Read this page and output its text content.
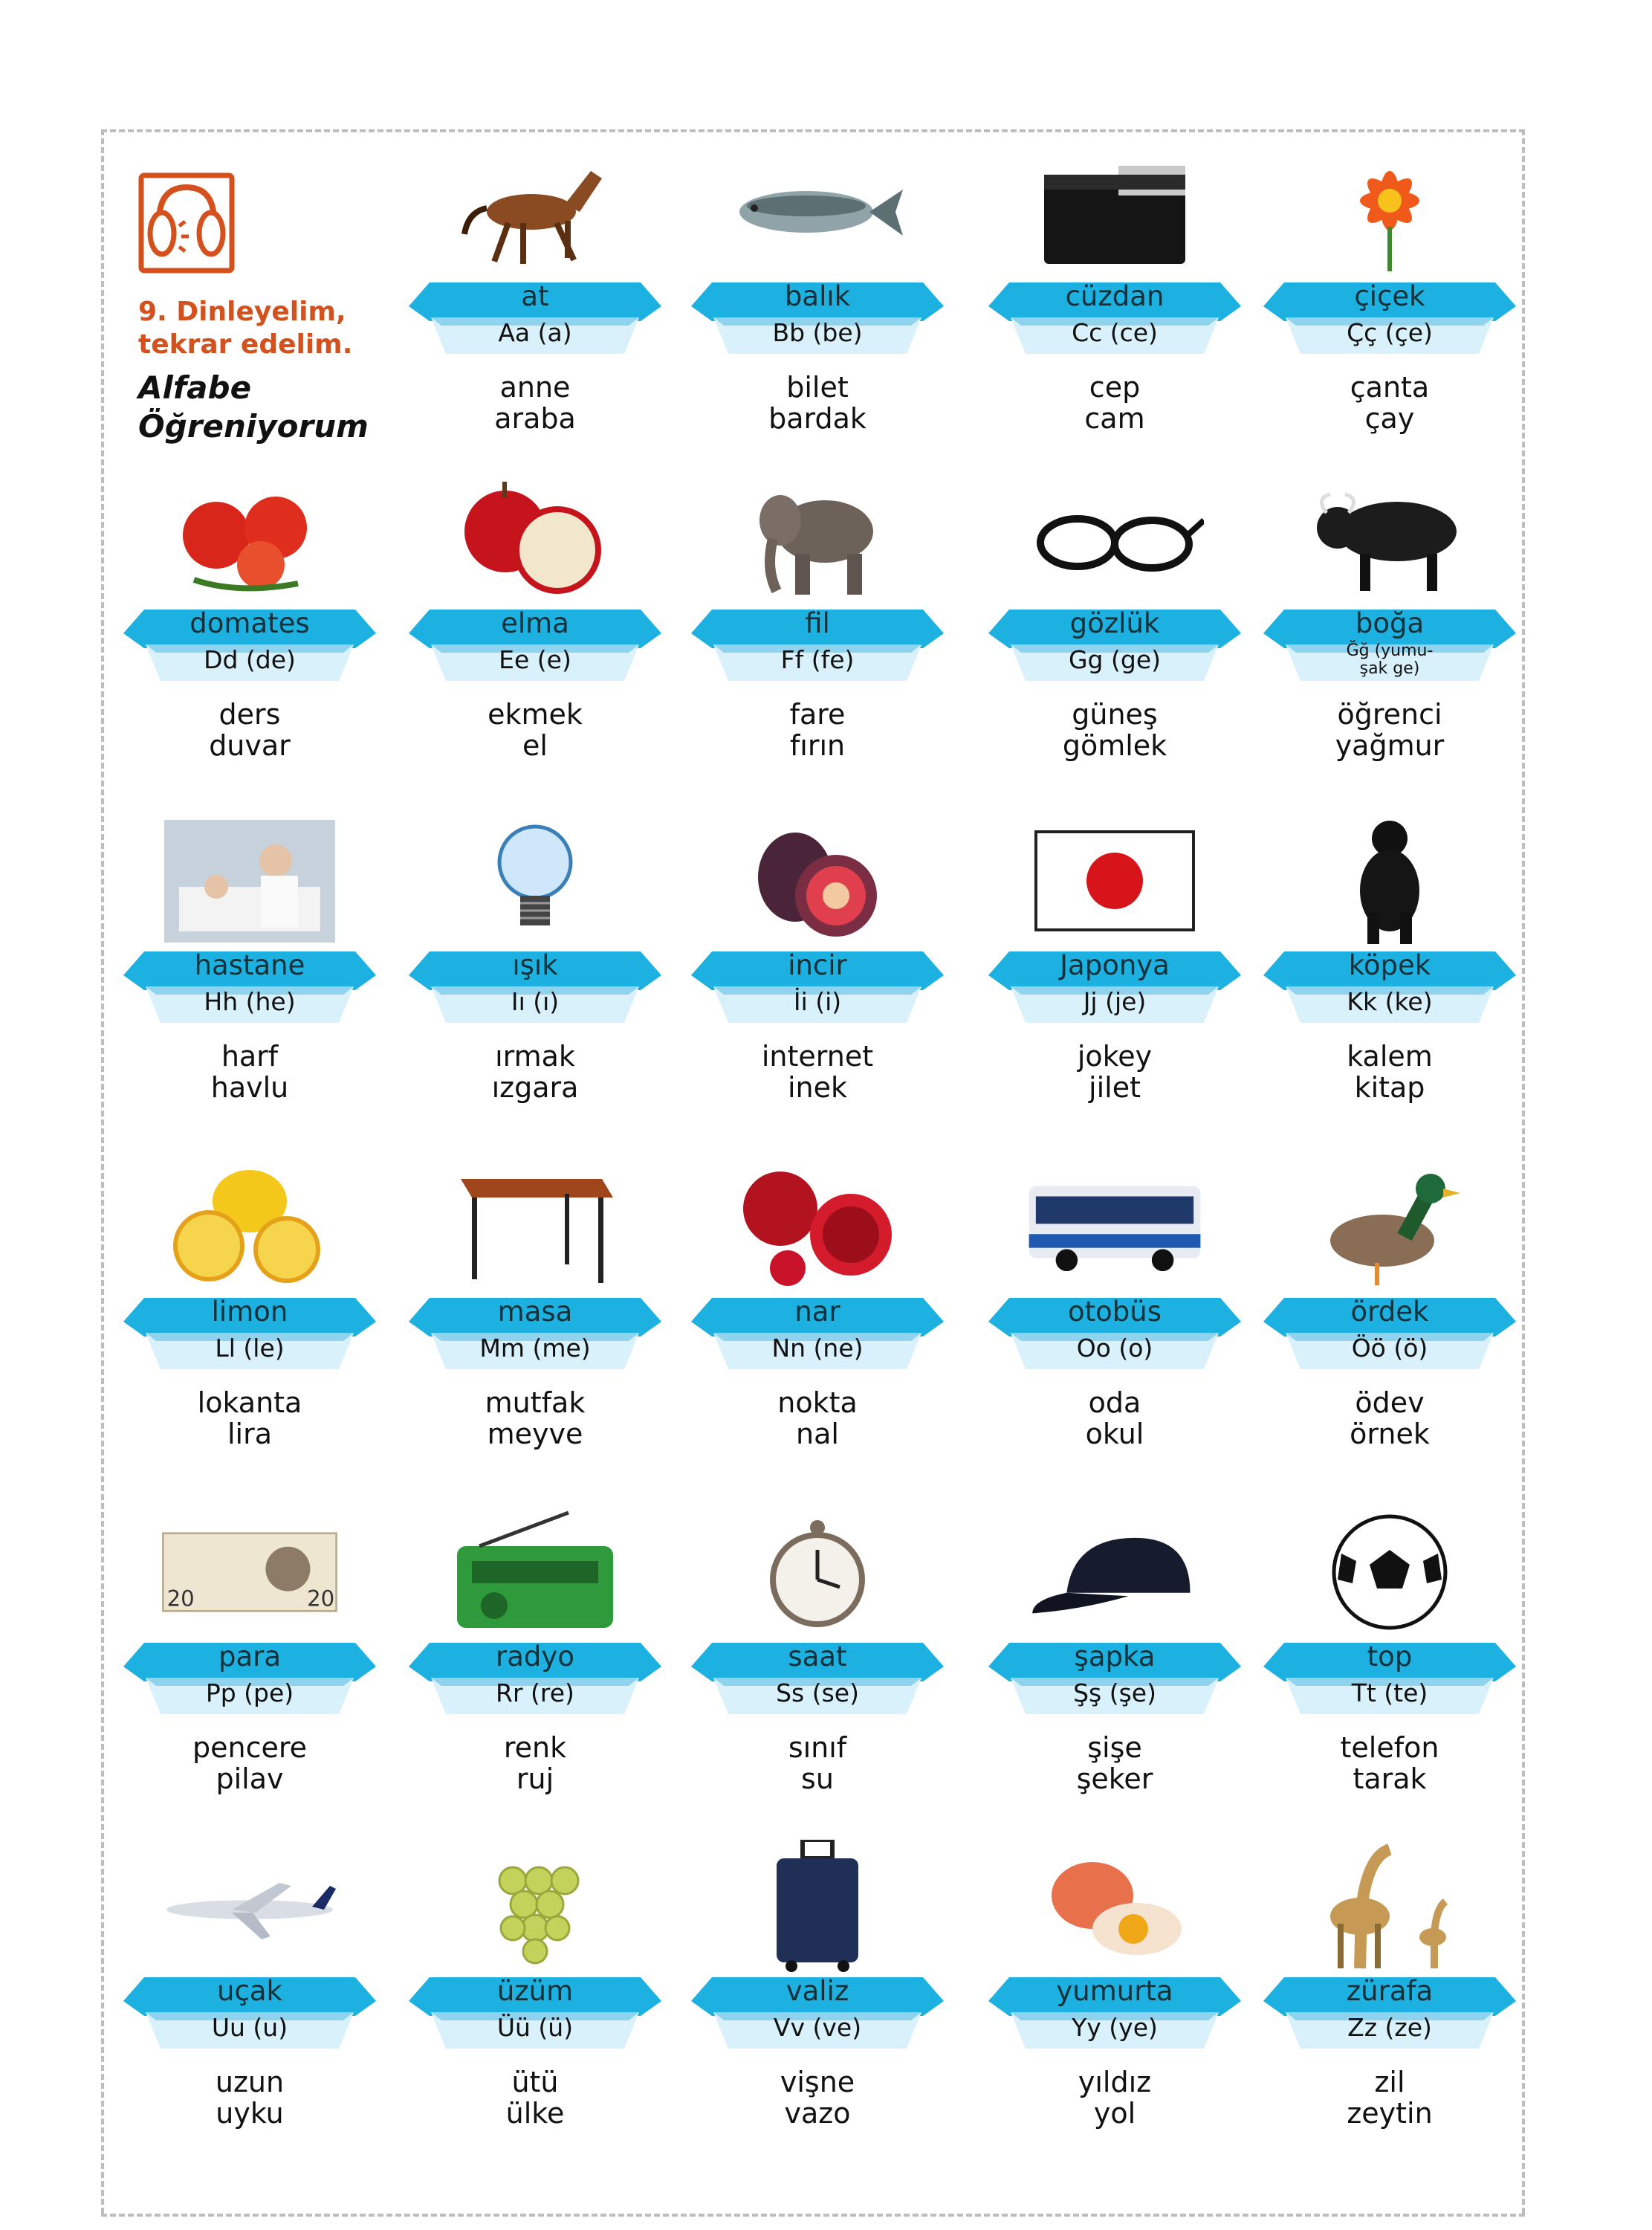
9. Dinleyelim,
tekrar edelim.
Alfabe
Öğreniyorum
at
Aa (a)
anne
araba
balık
Bb (be)
bilet
bardak
cüzdan
Cc (ce)
cep
cam
çiçek
Çç (çe)
çanta
çay
domates
Dd (de)
ders
duvar
elma
Ee (e)
ekmek
el
fil
Ff (fe)
fare
fırın
gözlük
Gg (ge)
güneş
gömlek
boğa
Ğğ (yumu-şak ge)
öğrenci
yağmur
hastane
Hh (he)
harf
havlu
ışık
Iı (ı)
ırmak
ızgara
incir
İi (i)
internet
inek
Japonya
Jj (je)
jokey
jilet
köpek
Kk (ke)
kalem
kitap
limon
Ll (le)
lokanta
lira
masa
Mm (me)
mutfak
meyve
nar
Nn (ne)
nokta
nal
otobüs
Oo (o)
oda
okul
ördek
Öö (ö)
ödev
örnek
20	20
para
Pp (pe)
pencere
pilav
radyo
Rr (re)
renk
ruj
saat
Ss (se)
sınıf
su
şapka
Şş (şe)
şişe
şeker
top
Tt (te)
telefon
tarak
uçak
Uu (u)
uzun
uyku
üzüm
Üü (ü)
ütü
ülke
valiz
Vv (ve)
vişne
vazo
yumurta
Yy (ye)
yıldız
yol
zürafa
Zz (ze)
zil
zeytin
